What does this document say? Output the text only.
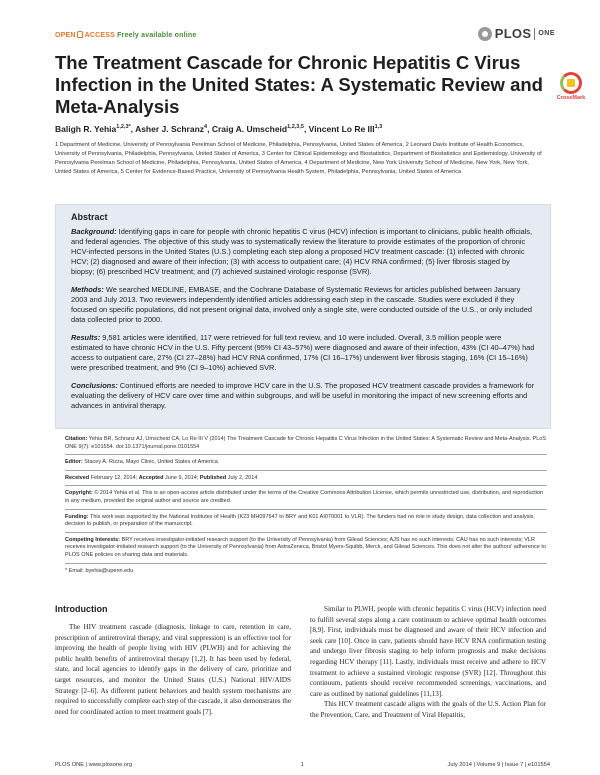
OPEN ACCESS Freely available online	PLOS ONE
The Treatment Cascade for Chronic Hepatitis C Virus Infection in the United States: A Systematic Review and Meta-Analysis	CrossMark
Baligh R. Yehia$^{1,2,3*}$, Asher J. Schranz$^4$, Craig A. Umscheid$^{1,2,3,5}$, Vincent Lo Re III$^{1,3}$
1 Department of Medicine, University of Pennsylvania Perelman School of Medicine, Philadelphia, Pennsylvania, United States of America, 2 Leonard Davis Institute of Health Economics, University of Pennsylvania, Philadelphia, Pennsylvania, United States of America, 3 Center for Clinical Epidemiology and Biostatistics, Department of Biostatistics and Epidemiology, University of Pennsylvania Perelman School of Medicine, Philadelphia, Pennsylvania, United States of America, 4 Department of Medicine, New York University School of Medicine, New York, New York, United States of America, 5 Center for Evidence-Based Practice, University of Pennsylvania Health System, Philadelphia, Pennsylvania, United States of America
Abstract

Background: Identifying gaps in care for people with chronic hepatitis C virus (HCV) infection is important to clinicians, public health officials, and federal agencies. The objective of this study was to systematically review the literature to provide estimates of the proportion of chronic HCV-infected persons in the United States (U.S.) completing each step along a proposed HCV treatment cascade: (1) infected with chronic HCV; (2) diagnosed and aware of their infection; (3) with access to outpatient care; (4) HCV RNA confirmed; (5) liver fibrosis staged by biopsy; (6) prescribed HCV treatment; and (7) achieved sustained virologic response (SVR).

Methods: We searched MEDLINE, EMBASE, and the Cochrane Database of Systematic Reviews for articles published between January 2003 and July 2013. Two reviewers independently identified articles addressing each step in the cascade. Studies were excluded if they focused on specific populations, did not present original data, involved only a single site, were conducted outside of the U.S., or only included data collected prior to 2000.

Results: 9,581 articles were identified, 117 were retrieved for full text review, and 10 were included. Overall, 3.5 million people were estimated to have chronic HCV in the U.S. Fifty percent (95% CI 43–57%) were diagnosed and aware of their infection, 43% (CI 40–47%) had access to outpatient care, 27% (CI 27–28%) had HCV RNA confirmed, 17% (CI 16–17%) underwent liver fibrosis staging, 16% (CI 15–16%) were prescribed treatment, and 9% (CI 9–10%) achieved SVR.

Conclusions: Continued efforts are needed to improve HCV care in the U.S. The proposed HCV treatment cascade provides a framework for evaluating the delivery of HCV care over time and within subgroups, and will be useful in monitoring the impact of new screening efforts and advances in antiviral therapy.

Citation: Yehia BR, Schranz AJ, Umscheid CA, Lo Re III V (2014) The Treatment Cascade for Chronic Hepatitis C Virus Infection in the United States: A Systematic Review and Meta-Analysis. PLoS ONE 9(7): e101554. doi:10.1371/journal.pone.0101554
Editor: Stacey A. Rizza, Mayo Clinic, United States of America
Received February 12, 2014; Accepted June 9, 2014; Published July 2, 2014
Copyright: © 2014 Yehia et al. This is an open-access article distributed under the terms of the Creative Commons Attribution License, which permits unrestricted use, distribution, and reproduction in any medium, provided the original author and source are credited.
Funding: This work was supported by the National Institutes of Health (K23 MH097647 to BRY and K01 AI070001 to VLR). The funders had no role in study design, data collection and analysis, decision to publish, or preparation of the manuscript.
Competing Interests: BRY receives investigator-initiated research support (to the University of Pennsylvania) from Gilead Sciences; AJS has no such interests; CAU has no such interests; VLR receives investigator-initiated research support (to the University of Pennsylvania) from AstraZeneca, Bristol Myers-Squibb, Merck, and Gilead Sciences. This does not alter the authors' adherence to PLOS ONE policies on sharing data and materials.
* Email: byehia@upenn.edu
Introduction

The HIV treatment cascade (diagnosis, linkage to care, retention in care, prescription of antiretroviral therapy, and viral suppression) is an effective tool for improving the health of people living with HIV (PLWH) and for achieving the public health benefits of antiretroviral therapy [1,2]. It has been used by federal, state, and local agencies to identify gaps in the delivery of care, prioritize and target resources, and monitor the United States (U.S.) National HIV/AIDS Strategy [2–6]. As different patient behaviors and health system mechanisms are required to successfully complete each step of the cascade, it also demonstrates the need for coordinated action to meet treatment goals [7].

Similar to PLWH, people with chronic hepatitis C virus (HCV) infection need to fulfill several steps along a care continuum to achieve optimal health outcomes [8,9]. First, individuals must be diagnosed and aware of their HCV infection and seek care [10]. Once in care, patients should have HCV RNA confirmation testing and undergo liver fibrosis staging to help inform prognosis and make decisions regarding HCV therapy [11]. Lastly, individuals must receive and adhere to HCV treatment to achieve a sustained virologic response (SVR) [12]. Throughout this continuum, patients should receive recommended screenings, vaccinations, and care as outlined by national guidelines [11,13].

This HCV treatment cascade aligns with the goals of the U.S. Action Plan for the Prevention, Care, and Treatment of Viral Hepatitis,

PLOS ONE | www.plosone.org	1	July 2014 | Volume 9 | Issue 7 | e101554
